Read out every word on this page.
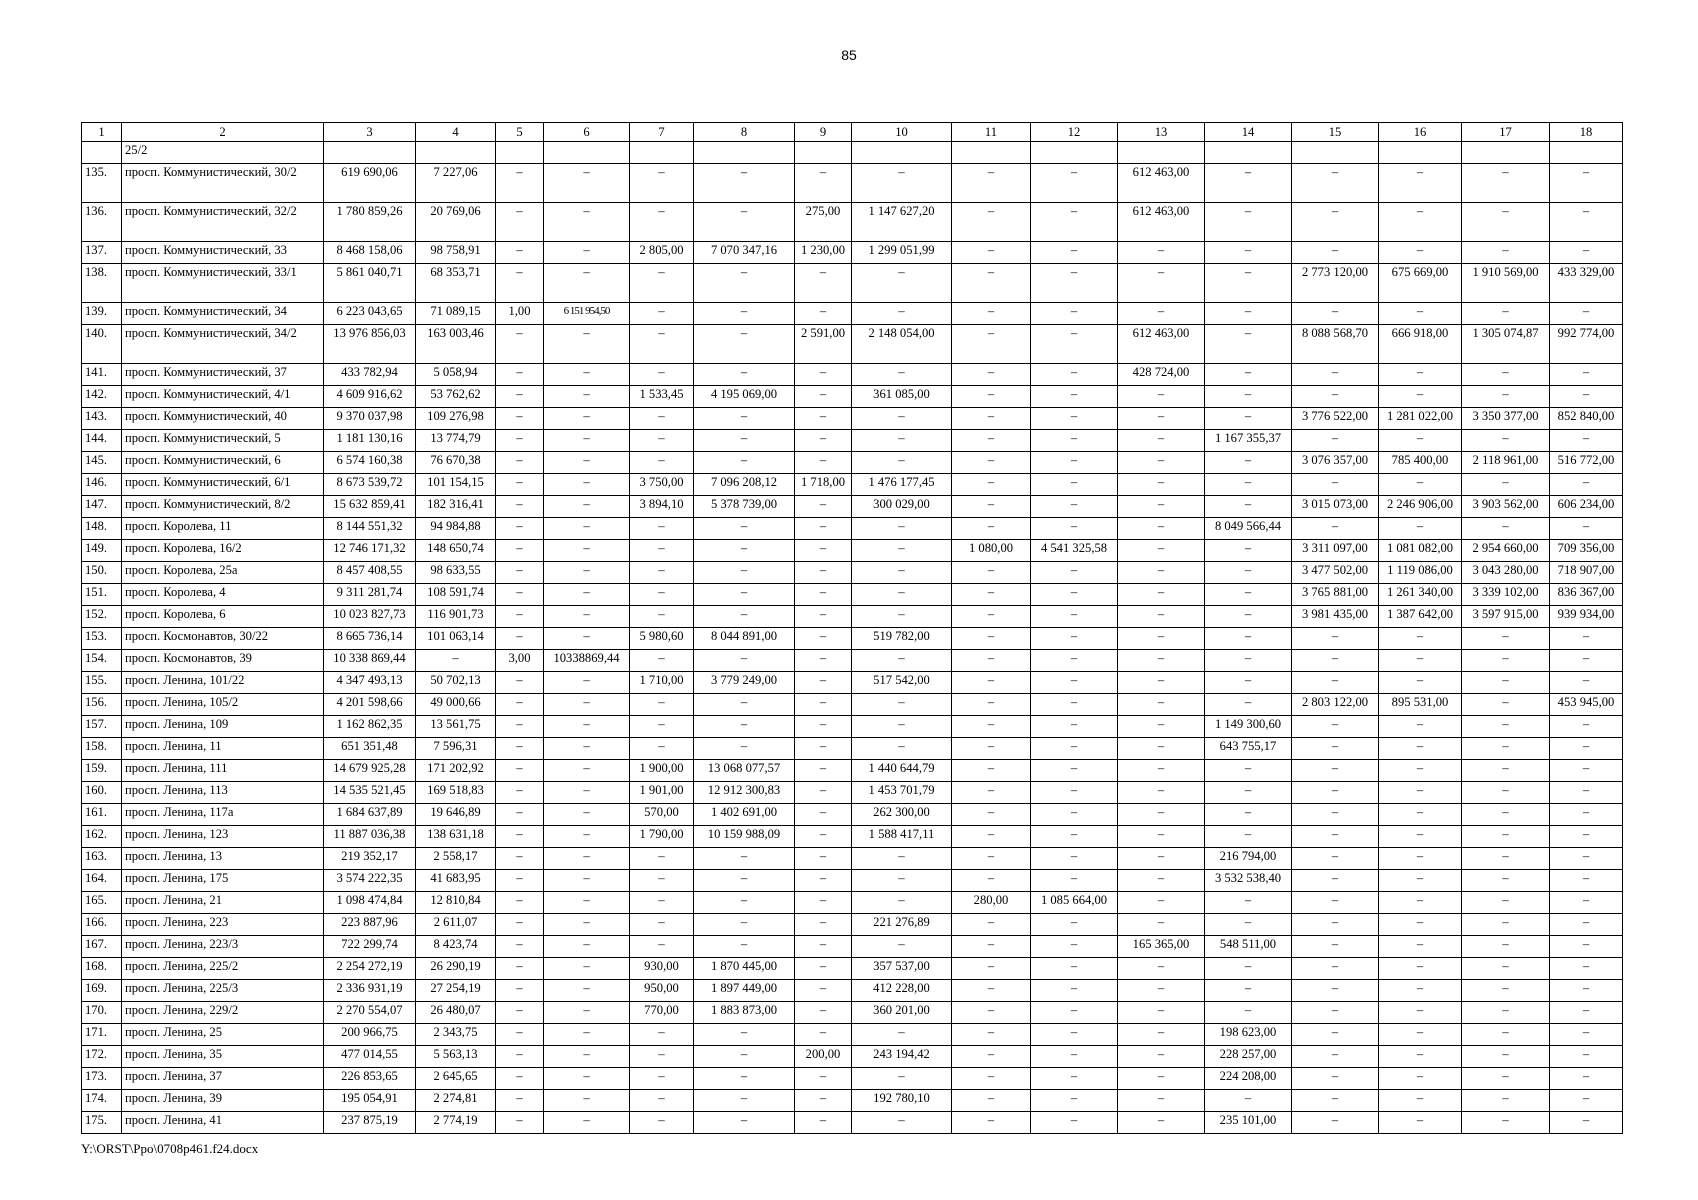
85
1	2	3	4	5	6	7	8	9	10	11	12	13	14	15	16	17	18
	25/2																
135.	просп. Коммунистический, 30/2	619 690,06	7 227,06	–	–	–	–	–	–	–	–	612 463,00	–	–	–	–	–
136.	просп. Коммунистический, 32/2	1 780 859,26	20 769,06	–	–	–	–	275,00	1 147 627,20	–	–	612 463,00	–	–	–	–	–
137.	просп. Коммунистический, 33	8 468 158,06	98 758,91	–	–	2 805,00	7 070 347,16	1 230,00	1 299 051,99	–	–	–	–	–	–	–	–
138.	просп. Коммунистический, 33/1	5 861 040,71	68 353,71	–	–	–	–	–	–	–	–	–	–	2 773 120,00	675 669,00	1 910 569,00	433 329,00
139.	просп. Коммунистический, 34	6 223 043,65	71 089,15	1,00	6 151 954,50	–	–	–	–	–	–	–	–	–	–	–	–
140.	просп. Коммунистический, 34/2	13 976 856,03	163 003,46	–	–	–	–	2 591,00	2 148 054,00	–	–	612 463,00	–	8 088 568,70	666 918,00	1 305 074,87	992 774,00
141.	просп. Коммунистический, 37	433 782,94	5 058,94	–	–	–	–	–	–	–	–	428 724,00	–	–	–	–	–
142.	просп. Коммунистический, 4/1	4 609 916,62	53 762,62	–	–	1 533,45	4 195 069,00	–	361 085,00	–	–	–	–	–	–	–	–
143.	просп. Коммунистический, 40	9 370 037,98	109 276,98	–	–	–	–	–	–	–	–	–	–	3 776 522,00	1 281 022,00	3 350 377,00	852 840,00
144.	просп. Коммунистический, 5	1 181 130,16	13 774,79	–	–	–	–	–	–	–	–	–	1 167 355,37	–	–	–	–
145.	просп. Коммунистический, 6	6 574 160,38	76 670,38	–	–	–	–	–	–	–	–	–	–	3 076 357,00	785 400,00	2 118 961,00	516 772,00
146.	просп. Коммунистический, 6/1	8 673 539,72	101 154,15	–	–	3 750,00	7 096 208,12	1 718,00	1 476 177,45	–	–	–	–	–	–	–	–
147.	просп. Коммунистический, 8/2	15 632 859,41	182 316,41	–	–	3 894,10	5 378 739,00	–	300 029,00	–	–	–	–	3 015 073,00	2 246 906,00	3 903 562,00	606 234,00
148.	просп. Королева, 11	8 144 551,32	94 984,88	–	–	–	–	–	–	–	–	–	8 049 566,44	–	–	–	–
149.	просп. Королева, 16/2	12 746 171,32	148 650,74	–	–	–	–	–	–	1 080,00	4 541 325,58	–	–	3 311 097,00	1 081 082,00	2 954 660,00	709 356,00
150.	просп. Королева, 25а	8 457 408,55	98 633,55	–	–	–	–	–	–	–	–	–	–	3 477 502,00	1 119 086,00	3 043 280,00	718 907,00
151.	просп. Королева, 4	9 311 281,74	108 591,74	–	–	–	–	–	–	–	–	–	–	3 765 881,00	1 261 340,00	3 339 102,00	836 367,00
152.	просп. Королева, 6	10 023 827,73	116 901,73	–	–	–	–	–	–	–	–	–	–	3 981 435,00	1 387 642,00	3 597 915,00	939 934,00
153.	просп. Космонавтов, 30/22	8 665 736,14	101 063,14	–	–	5 980,60	8 044 891,00	–	519 782,00	–	–	–	–	–	–	–	–
154.	просп. Космонавтов, 39	10 338 869,44	–	3,00	10338869,44	–	–	–	–	–	–	–	–	–	–	–	–
155.	просп. Ленина, 101/22	4 347 493,13	50 702,13	–	–	1 710,00	3 779 249,00	–	517 542,00	–	–	–	–	–	–	–	–
156.	просп. Ленина, 105/2	4 201 598,66	49 000,66	–	–	–	–	–	–	–	–	–	–	2 803 122,00	895 531,00	–	453 945,00
157.	просп. Ленина, 109	1 162 862,35	13 561,75	–	–	–	–	–	–	–	–	–	1 149 300,60	–	–	–	–
158.	просп. Ленина, 11	651 351,48	7 596,31	–	–	–	–	–	–	–	–	–	643 755,17	–	–	–	–
159.	просп. Ленина, 111	14 679 925,28	171 202,92	–	–	1 900,00	13 068 077,57	–	1 440 644,79	–	–	–	–	–	–	–	–
160.	просп. Ленина, 113	14 535 521,45	169 518,83	–	–	1 901,00	12 912 300,83	–	1 453 701,79	–	–	–	–	–	–	–	–
161.	просп. Ленина, 117а	1 684 637,89	19 646,89	–	–	570,00	1 402 691,00	–	262 300,00	–	–	–	–	–	–	–	–
162.	просп. Ленина, 123	11 887 036,38	138 631,18	–	–	1 790,00	10 159 988,09	–	1 588 417,11	–	–	–	–	–	–	–	–
163.	просп. Ленина, 13	219 352,17	2 558,17	–	–	–	–	–	–	–	–	–	216 794,00	–	–	–	–
164.	просп. Ленина, 175	3 574 222,35	41 683,95	–	–	–	–	–	–	–	–	–	3 532 538,40	–	–	–	–
165.	просп. Ленина, 21	1 098 474,84	12 810,84	–	–	–	–	–	–	280,00	1 085 664,00	–	–	–	–	–	–
166.	просп. Ленина, 223	223 887,96	2 611,07	–	–	–	–	–	221 276,89	–	–	–	–	–	–	–	–
167.	просп. Ленина, 223/3	722 299,74	8 423,74	–	–	–	–	–	–	–	–	165 365,00	548 511,00	–	–	–	–
168.	просп. Ленина, 225/2	2 254 272,19	26 290,19	–	–	930,00	1 870 445,00	–	357 537,00	–	–	–	–	–	–	–	–
169.	просп. Ленина, 225/3	2 336 931,19	27 254,19	–	–	950,00	1 897 449,00	–	412 228,00	–	–	–	–	–	–	–	–
170.	просп. Ленина, 229/2	2 270 554,07	26 480,07	–	–	770,00	1 883 873,00	–	360 201,00	–	–	–	–	–	–	–	–
171.	просп. Ленина, 25	200 966,75	2 343,75	–	–	–	–	–	–	–	–	–	198 623,00	–	–	–	–
172.	просп. Ленина, 35	477 014,55	5 563,13	–	–	–	–	200,00	243 194,42	–	–	–	228 257,00	–	–	–	–
173.	просп. Ленина, 37	226 853,65	2 645,65	–	–	–	–	–	–	–	–	–	224 208,00	–	–	–	–
174.	просп. Ленина, 39	195 054,91	2 274,81	–	–	–	–	–	192 780,10	–	–	–	–	–	–	–	–
175.	просп. Ленина, 41	237 875,19	2 774,19	–	–	–	–	–	–	–	–	–	235 101,00	–	–	–	–
Y:\ORST\Ppo\0708p461.f24.docx
